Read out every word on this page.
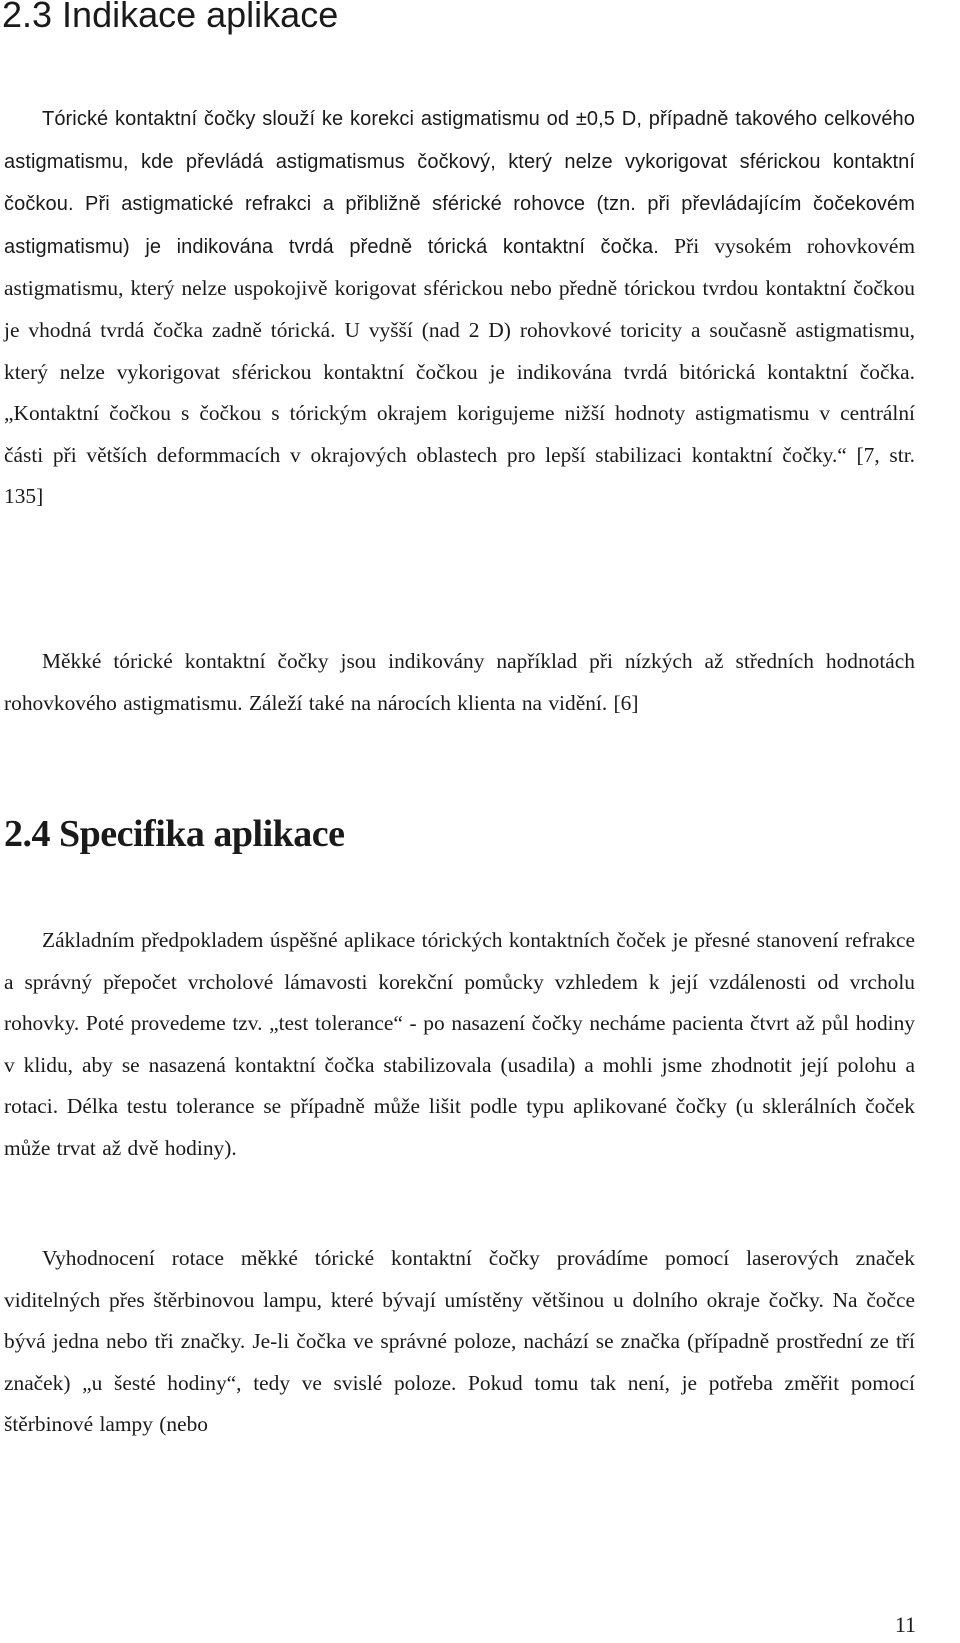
2.3 Indikace aplikace

Tórické kontaktní čočky slouží ke korekci astigmatismu od ±0,5 D, případně takového celkového astigmatismu, kde převládá astigmatismus čočkový, který nelze vykorigovat sférickou kontaktní čočkou. Při astigmatické refrakci a přibližně sférické rohovce (tzn. při převládajícím čočekovém astigmatismu) je indikována tvrdá předně tórická kontaktní čočka. Při vysokém rohovkovém astigmatismu, který nelze uspokojivě korigovat sférickou nebo předně tórickou tvrdou kontaktní čočkou je vhodná tvrdá čočka zadně tórická. U vyšší (nad 2 D) rohovkové toricity a současně astigmatismu, který nelze vykorigovat sférickou kontaktní čočkou je indikována tvrdá bitórická kontaktní čočka. „Kontaktní čočkou s čočkou s tórickým okrajem korigujeme nižší hodnoty astigmatismu v centrální části při větších deformmacích v okrajových oblastech pro lepší stabilizaci kontaktní čočky.“ [7, str. 135]

Měkké tórické kontaktní čočky jsou indikovány například při nízkých až středních hodnotách rohovkového astigmatismu. Záleží také na nárocích klienta na vidění. [6]

2.4 Specifika aplikace

Základním předpokladem úspěšné aplikace tórických kontaktních čoček je přesné stanovení refrakce a správný přepočet vrcholové lámavosti korekční pomůcky vzhledem k její vzdálenosti od vrcholu rohovky. Poté provedeme tzv. „test tolerance“ - po nasazení čočky necháme pacienta čtvrt až půl hodiny v klidu, aby se nasazená kontaktní čočka stabilizovala (usadila) a mohli jsme zhodnotit její polohu a rotaci. Délka testu tolerance se případně může lišit podle typu aplikované čočky (u sklerálních čoček může trvat až dvě hodiny).

Vyhodnocení rotace měkké tórické kontaktní čočky provádíme pomocí laserových značek viditelných přes štěrbinovou lampu, které bývají umístěny většinou u dolního okraje čočky. Na čočce bývá jedna nebo tři značky. Je-li čočka ve správné poloze, nachází se značka (případně prostřední ze tří značek) „u šesté hodiny“, tedy ve svislé poloze. Pokud tomu tak není, je potřeba změřit pomocí štěrbinové lampy (nebo

11
